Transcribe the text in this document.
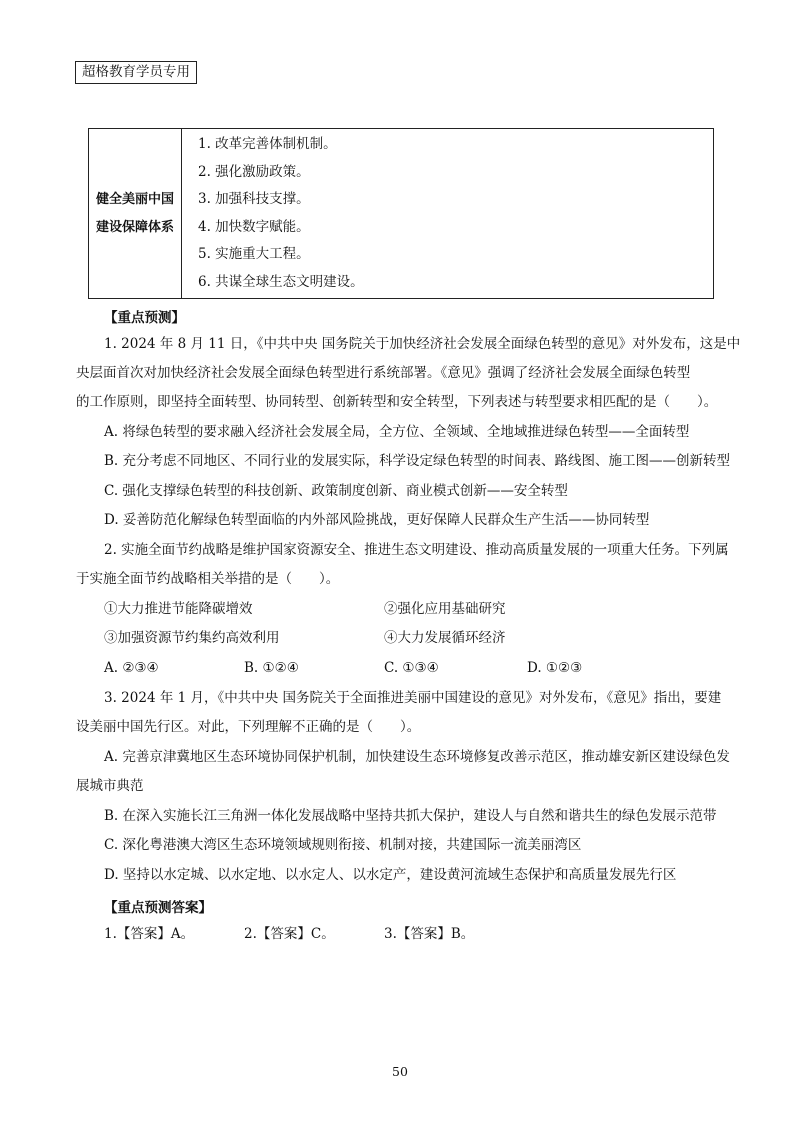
超格教育学员专用
健全美丽中国
建设保障体系

1. 改革完善体制机制。
2. 强化激励政策。
3. 加强科技支撑。
4. 加快数字赋能。
5. 实施重大工程。
6. 共谋全球生态文明建设。
【重点预测】
1. 2024 年 8 月 11 日，《中共中央 国务院关于加快经济社会发展全面绿色转型的意见》对外发布，这是中
央层面首次对加快经济社会发展全面绿色转型进行系统部署。《意见》强调了经济社会发展全面绿色转型
的工作原则，即坚持全面转型、协同转型、创新转型和安全转型，下列表述与转型要求相匹配的是（　　）。
A. 将绿色转型的要求融入经济社会发展全局，全方位、全领域、全地域推进绿色转型——全面转型
B. 充分考虑不同地区、不同行业的发展实际，科学设定绿色转型的时间表、路线图、施工图——创新转型
C. 强化支撑绿色转型的科技创新、政策制度创新、商业模式创新——安全转型
D. 妥善防范化解绿色转型面临的内外部风险挑战，更好保障人民群众生产生活——协同转型
2. 实施全面节约战略是维护国家资源安全、推进生态文明建设、推动高质量发展的一项重大任务。下列属
于实施全面节约战略相关举措的是（　　）。
①大力推进节能降碳增效	②强化应用基础研究
③加强资源节约集约高效利用	④大力发展循环经济
A. ②③④	B. ①②④	C. ①③④	D. ①②③
3. 2024 年 1 月，《中共中央 国务院关于全面推进美丽中国建设的意见》对外发布，《意见》指出，要建
设美丽中国先行区。对此，下列理解不正确的是（　　）。
A. 完善京津冀地区生态环境协同保护机制，加快建设生态环境修复改善示范区，推动雄安新区建设绿色发
展城市典范
B. 在深入实施长江三角洲一体化发展战略中坚持共抓大保护，建设人与自然和谐共生的绿色发展示范带
C. 深化粤港澳大湾区生态环境领域规则衔接、机制对接，共建国际一流美丽湾区
D. 坚持以水定城、以水定地、以水定人、以水定产，建设黄河流域生态保护和高质量发展先行区
【重点预测答案】
1.【答案】A。	2.【答案】C。	3.【答案】B。
50
